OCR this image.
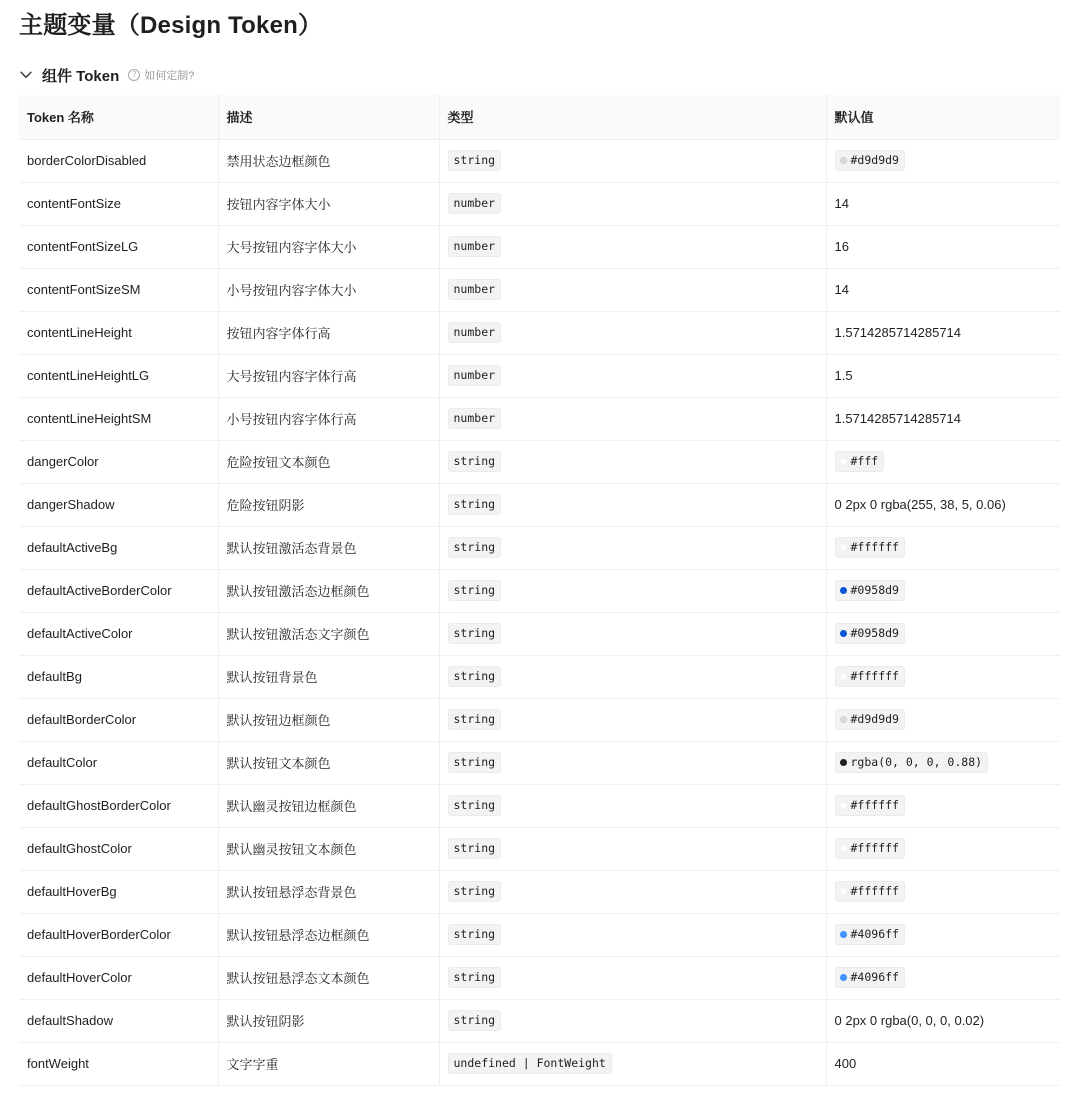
主题变量（Design Token）
组件 Token	? 如何定制?
Token 名称	描述	类型	默认值
borderColorDisabled	禁用状态边框颜色	string	#d9d9d9
contentFontSize	按钮内容字体大小	number	14
contentFontSizeLG	大号按钮内容字体大小	number	16
contentFontSizeSM	小号按钮内容字体大小	number	14
contentLineHeight	按钮内容字体行高	number	1.5714285714285714
contentLineHeightLG	大号按钮内容字体行高	number	1.5
contentLineHeightSM	小号按钮内容字体行高	number	1.5714285714285714
dangerColor	危险按钮文本颜色	string	#fff
dangerShadow	危险按钮阴影	string	0 2px 0 rgba(255, 38, 5, 0.06)
defaultActiveBg	默认按钮激活态背景色	string	#ffffff
defaultActiveBorderColor	默认按钮激活态边框颜色	string	#0958d9
defaultActiveColor	默认按钮激活态文字颜色	string	#0958d9
defaultBg	默认按钮背景色	string	#ffffff
defaultBorderColor	默认按钮边框颜色	string	#d9d9d9
defaultColor	默认按钮文本颜色	string	rgba(0, 0, 0, 0.88)
defaultGhostBorderColor	默认幽灵按钮边框颜色	string	#ffffff
defaultGhostColor	默认幽灵按钮文本颜色	string	#ffffff
defaultHoverBg	默认按钮悬浮态背景色	string	#ffffff
defaultHoverBorderColor	默认按钮悬浮态边框颜色	string	#4096ff
defaultHoverColor	默认按钮悬浮态文本颜色	string	#4096ff
defaultShadow	默认按钮阴影	string	0 2px 0 rgba(0, 0, 0, 0.02)
fontWeight	文字字重	undefined | FontWeight	400
